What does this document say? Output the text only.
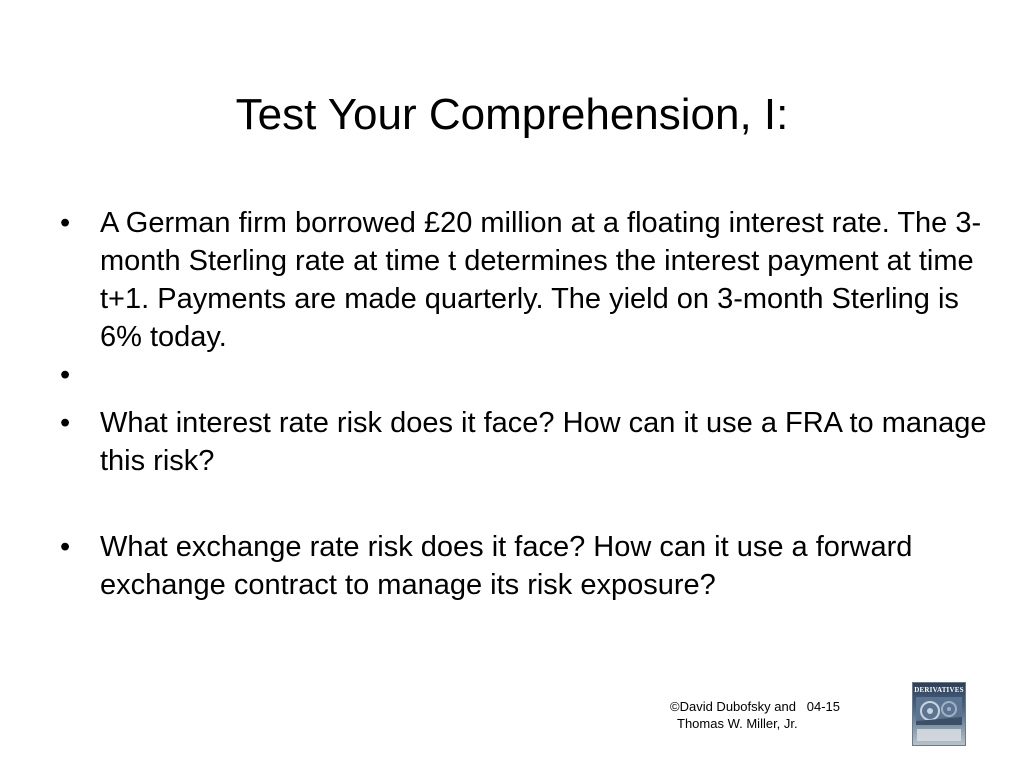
Test Your Comprehension, I:
• A German firm borrowed £20 million at a floating interest rate. The 3-month Sterling rate at time t determines the interest payment at time t+1. Payments are made quarterly. The yield on 3-month Sterling is 6% today.
•
• What interest rate risk does it face? How can it use a FRA to manage this risk?
• What exchange rate risk does it face? How can it use a forward exchange contract to manage its risk exposure?
©David Dubofsky and   04-15
Thomas W. Miller, Jr.
DERIVATIVES
